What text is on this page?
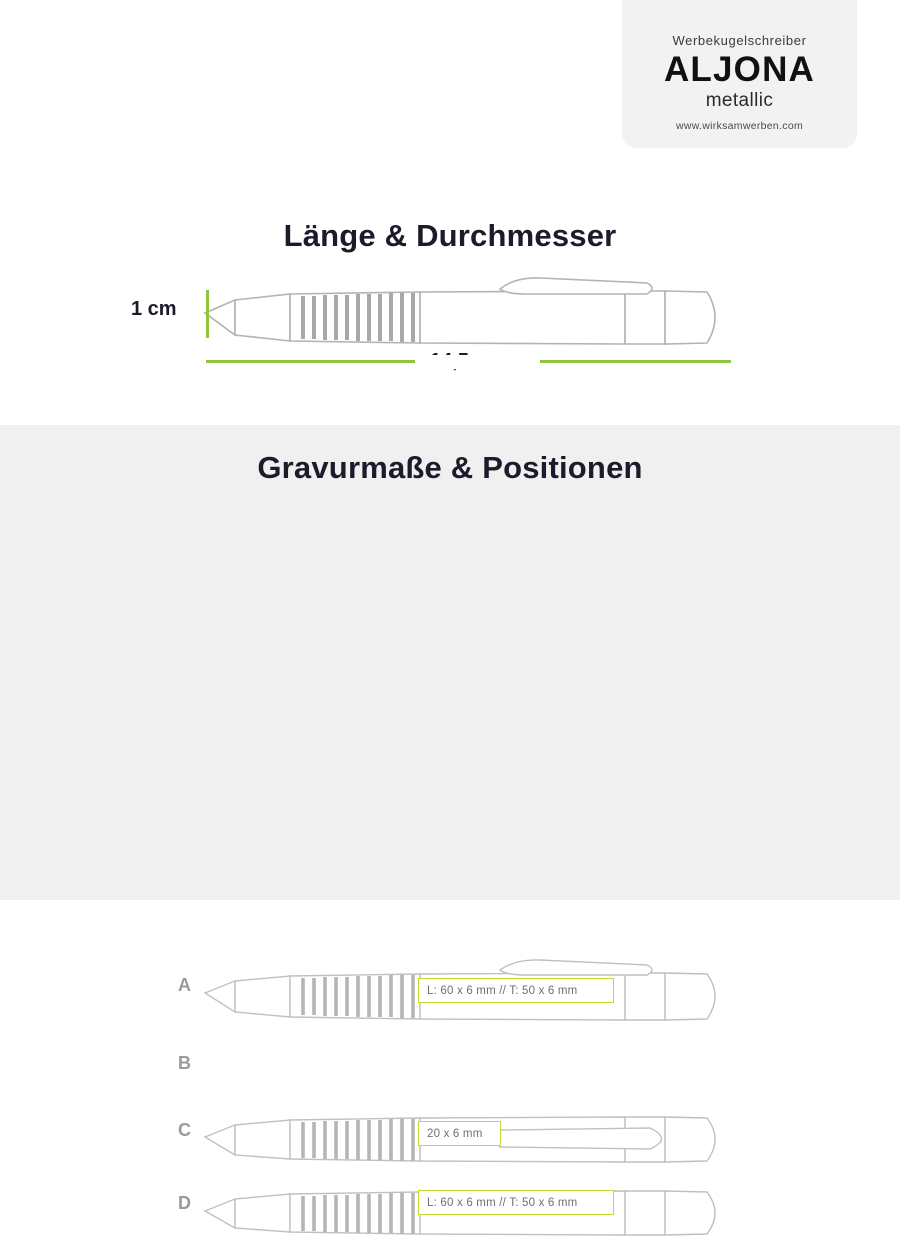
Länge & Durchmesser
1 cm
Gravurmaße & Positionen
A	L: 60 x 6 mm // T: 50 x 6 mm
B
C	20 x 6 mm
D	L: 60 x 6 mm // T: 50 x 6 mm
Werbekugelschreiber
ALJONA
metallic
www.wirksamwerben.com
